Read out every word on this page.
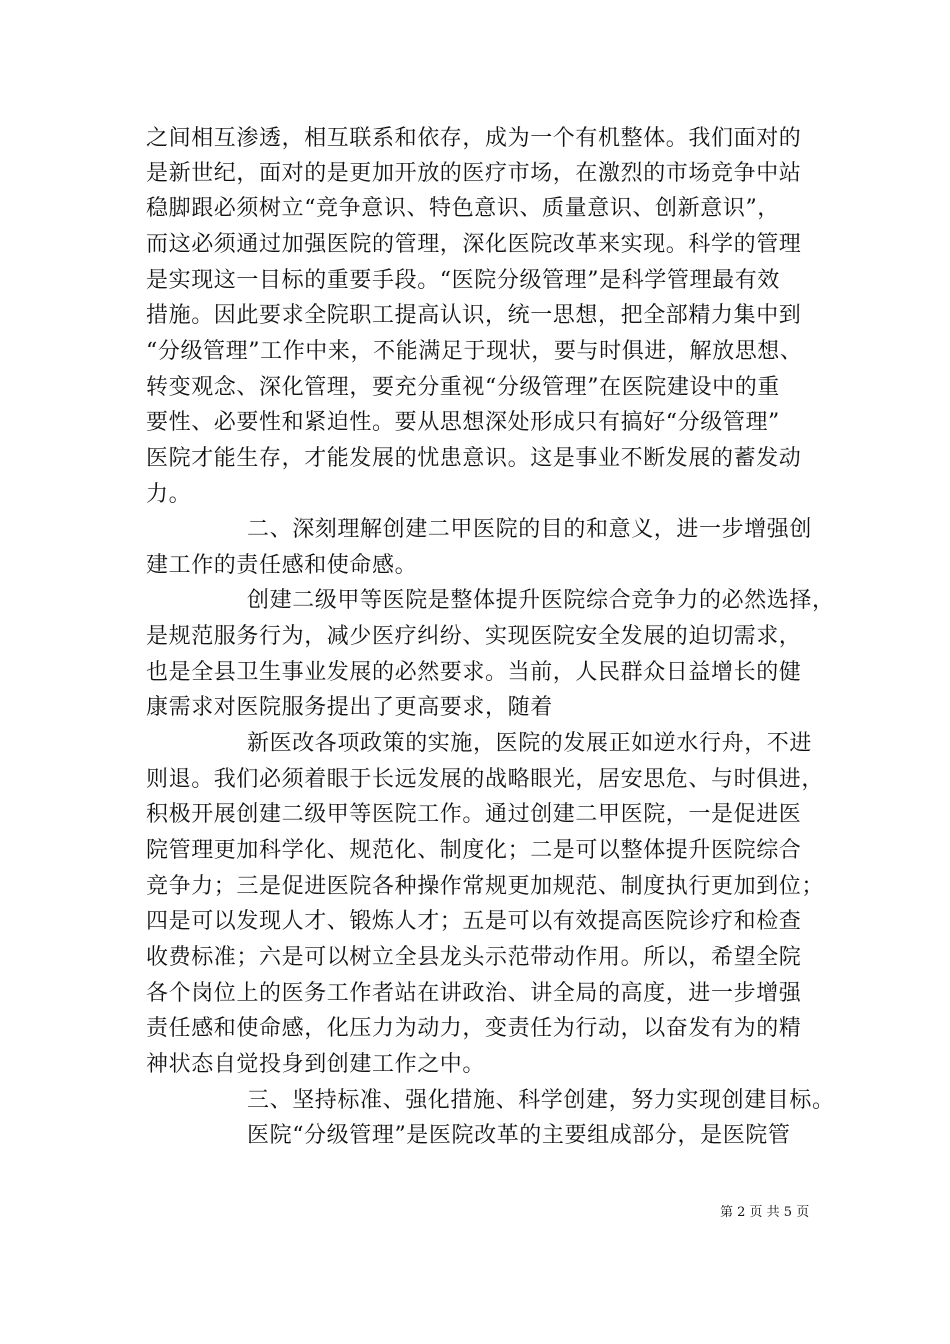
之间相互渗透，相互联系和依存，成为一个有机整体。我们面对的
是新世纪，面对的是更加开放的医疗市场，在激烈的市场竞争中站
稳脚跟必须树立“竞争意识、特色意识、质量意识、创新意识”，
而这必须通过加强医院的管理，深化医院改革来实现。科学的管理
是实现这一目标的重要手段。“医院分级管理”是科学管理最有效
措施。因此要求全院职工提高认识，统一思想，把全部精力集中到
“分级管理”工作中来，不能满足于现状，要与时俱进，解放思想、
转变观念、深化管理，要充分重视“分级管理”在医院建设中的重
要性、必要性和紧迫性。要从思想深处形成只有搞好“分级管理”
医院才能生存，才能发展的忧患意识。这是事业不断发展的蓄发动
力。
二、深刻理解创建二甲医院的目的和意义，进一步增强创
建工作的责任感和使命感。
创建二级甲等医院是整体提升医院综合竞争力的必然选择，
是规范服务行为，减少医疗纠纷、实现医院安全发展的迫切需求，
也是全县卫生事业发展的必然要求。当前，人民群众日益增长的健
康需求对医院服务提出了更高要求，随着
新医改各项政策的实施，医院的发展正如逆水行舟，不进
则退。我们必须着眼于长远发展的战略眼光，居安思危、与时俱进，
积极开展创建二级甲等医院工作。通过创建二甲医院，一是促进医
院管理更加科学化、规范化、制度化；二是可以整体提升医院综合
竞争力；三是促进医院各种操作常规更加规范、制度执行更加到位；
四是可以发现人才、锻炼人才；五是可以有效提高医院诊疗和检查
收费标准；六是可以树立全县龙头示范带动作用。所以，希望全院
各个岗位上的医务工作者站在讲政治、讲全局的高度，进一步增强
责任感和使命感，化压力为动力，变责任为行动，以奋发有为的精
神状态自觉投身到创建工作之中。
三、坚持标准、强化措施、科学创建，努力实现创建目标。
医院“分级管理”是医院改革的主要组成部分，是医院管
第 2 页 共 5 页
